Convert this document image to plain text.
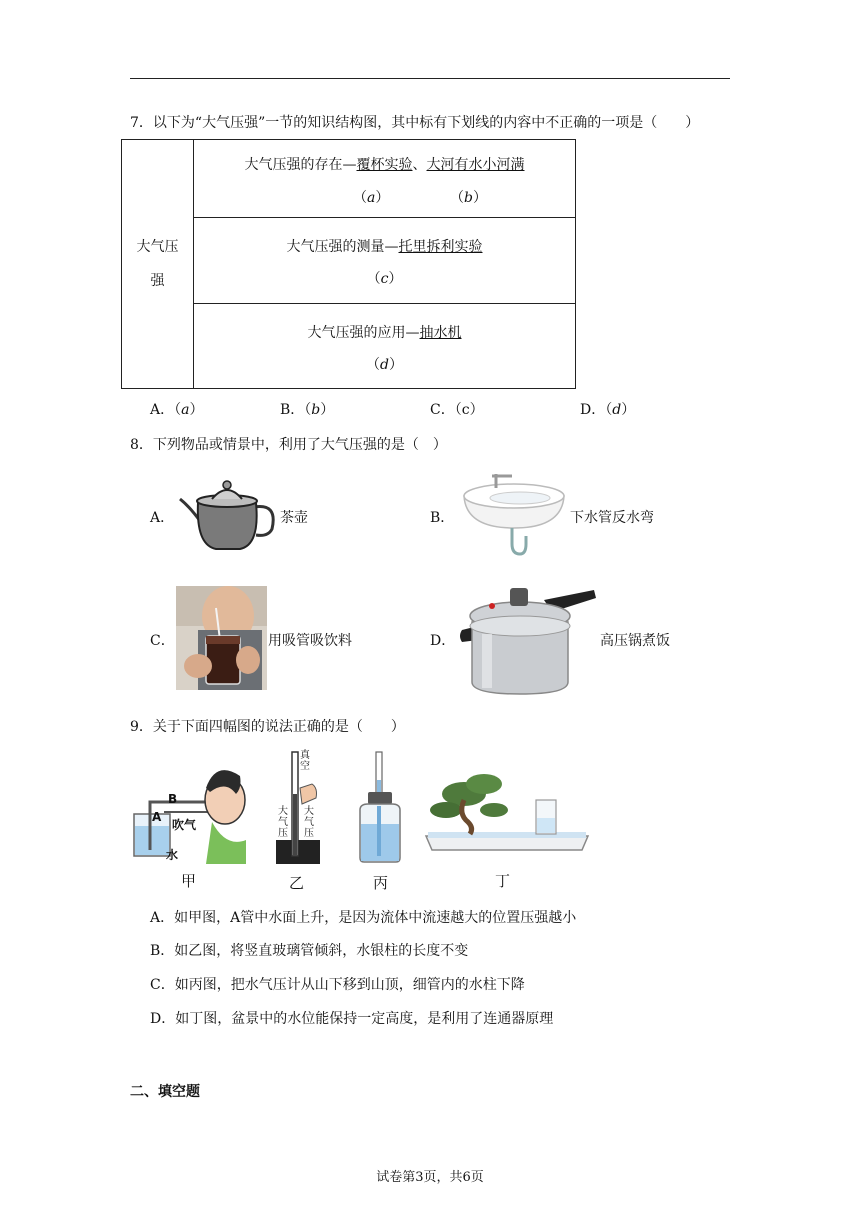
7．以下为“大气压强”一节的知识结构图，其中标有下划线的内容中不正确的一项是（　　）
大气压强
大气压强的存在—覆杯实验、大河有水小河满
（a）	（b）
大气压强的测量—托里拆利实验
（c）
大气压强的应用—抽水机
（d）
A．（a）	B．（b）	C．（c）	D．（d）
8．下列物品或情景中，利用了大气压强的是（　）
A．	茶壶	B．	下水管反水弯
C．	用吸管吸饮料	D．	高压锅煮饭
9．关于下面四幅图的说法正确的是（　　）
B
A
吹气
水
甲
真空
大气压
大气压
乙	丙	丁
A．如甲图，A管中水面上升，是因为流体中流速越大的位置压强越小
B．如乙图，将竖直玻璃管倾斜，水银柱的长度不变
C．如丙图，把水气压计从山下移到山顶，细管内的水柱下降
D．如丁图，盆景中的水位能保持一定高度，是利用了连通器原理
二、填空题
试卷第3页，共6页
